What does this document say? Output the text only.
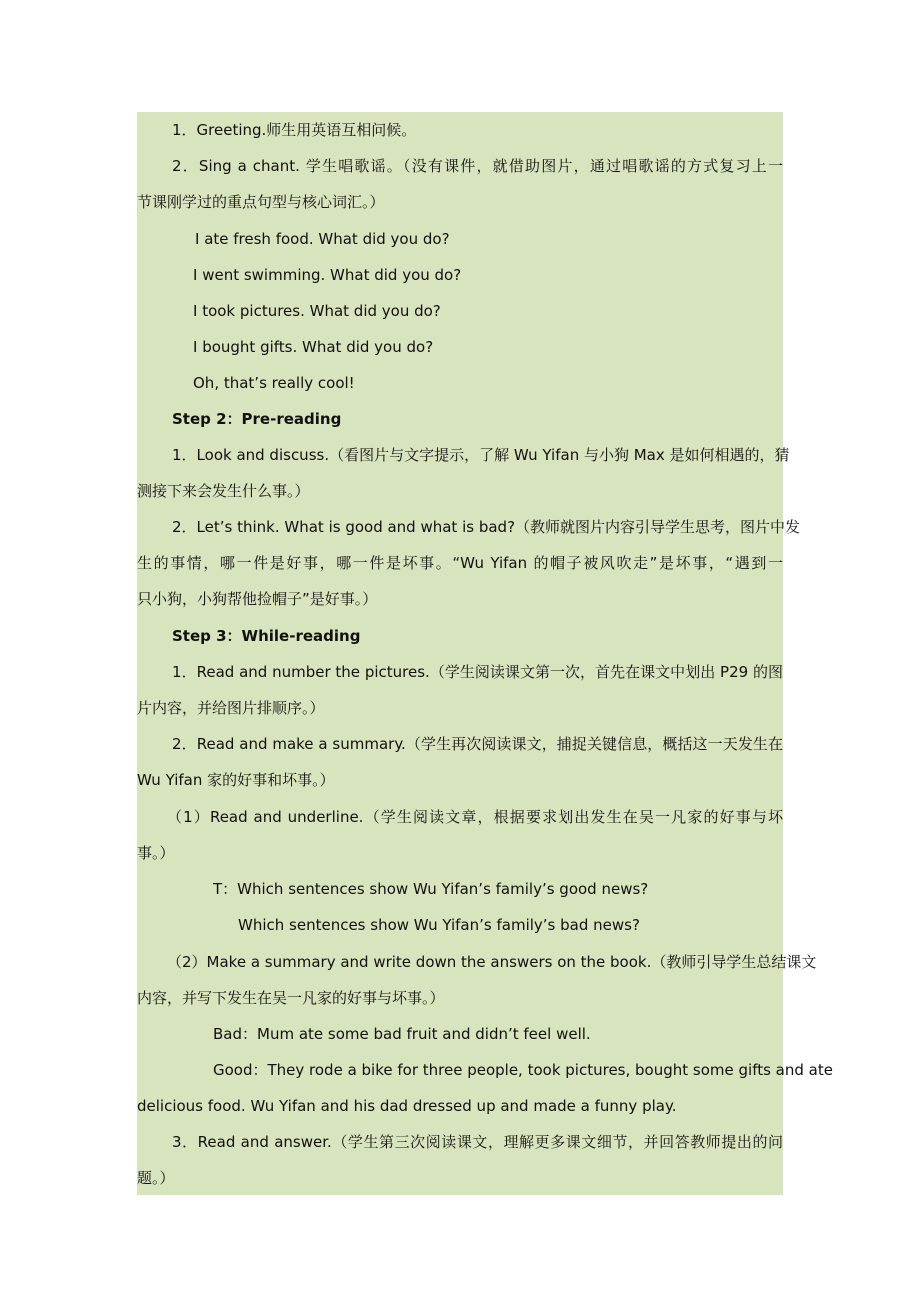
1．Greeting.师生用英语互相问候。
2．Sing a chant. 学生唱歌谣。（没有课件，就借助图片，通过唱歌谣的方式复习上一
节课刚学过的重点句型与核心词汇。）
I ate fresh food. What did you do?
I went swimming. What did you do?
I took pictures. What did you do?
I bought gifts. What did you do?
Oh, that’s really cool!
Step 2：Pre-reading
1．Look and discuss.（看图片与文字提示，了解 Wu Yifan 与小狗 Max 是如何相遇的，猜
测接下来会发生什么事。）
2．Let’s think. What is good and what is bad?（教师就图片内容引导学生思考，图片中发
生的事情，哪一件是好事，哪一件是坏事。“Wu Yifan 的帽子被风吹走”是坏事，“遇到一
只小狗，小狗帮他捡帽子”是好事。）
Step 3：While-reading
1．Read and number the pictures.（学生阅读课文第一次，首先在课文中划出 P29 的图
片内容，并给图片排顺序。）
2．Read and make a summary.（学生再次阅读课文，捕捉关键信息，概括这一天发生在
Wu Yifan 家的好事和坏事。）
（1）Read and underline.（学生阅读文章，根据要求划出发生在吴一凡家的好事与坏
事。）
T：Which sentences show Wu Yifan’s family’s good news?
Which sentences show Wu Yifan’s family’s bad news?
（2）Make a summary and write down the answers on the book.（教师引导学生总结课文
内容，并写下发生在吴一凡家的好事与坏事。）
Bad：Mum ate some bad fruit and didn’t feel well.
Good：They rode a bike for three people, took pictures, bought some gifts and ate
delicious food. Wu Yifan and his dad dressed up and made a funny play.
3．Read and answer.（学生第三次阅读课文，理解更多课文细节，并回答教师提出的问
题。）
